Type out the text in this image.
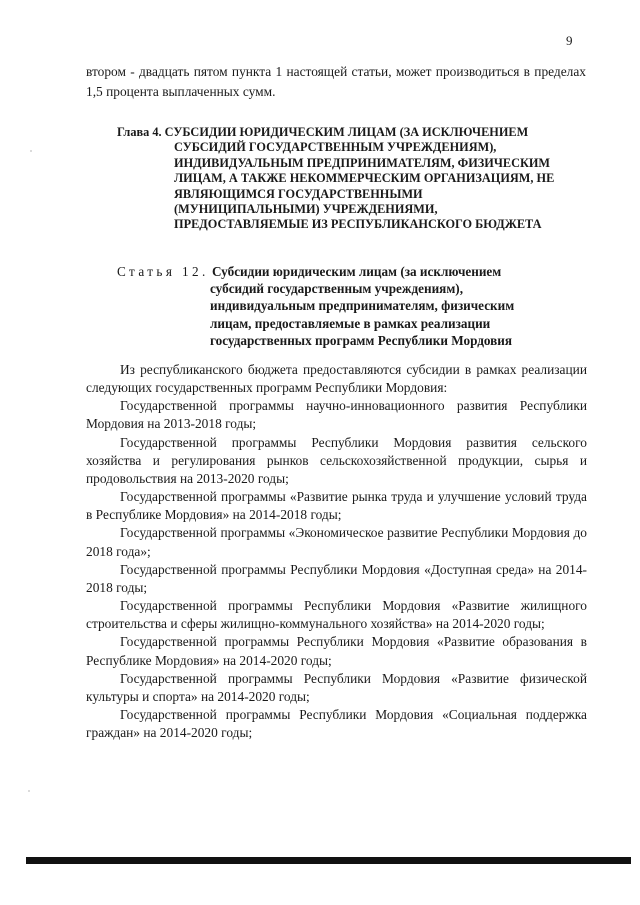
9
втором - двадцать пятом пункта 1 настоящей статьи, может производиться в пределах 1,5 процента выплаченных сумм.
Глава 4. СУБСИДИИ ЮРИДИЧЕСКИМ ЛИЦАМ (ЗА ИСКЛЮЧЕНИЕМ
СУБСИДИЙ ГОСУДАРСТВЕННЫМ УЧРЕЖДЕНИЯМ),
ИНДИВИДУАЛЬНЫМ ПРЕДПРИНИМАТЕЛЯМ, ФИЗИЧЕСКИМ
ЛИЦАМ, А ТАКЖЕ НЕКОММЕРЧЕСКИМ ОРГАНИЗАЦИЯМ, НЕ
ЯВЛЯЮЩИМСЯ ГОСУДАРСТВЕННЫМИ
(МУНИЦИПАЛЬНЫМИ) УЧРЕЖДЕНИЯМИ,
ПРЕДОСТАВЛЯЕМЫЕ ИЗ РЕСПУБЛИКАНСКОГО БЮДЖЕТА
Статья 12. Субсидии юридическим лицам (за исключением
субсидий государственным учреждениям),
индивидуальным предпринимателям, физическим
лицам, предоставляемые в рамках реализации
государственных программ Республики Мордовия

Из республиканского бюджета предоставляются субсидии в рамках реализации следующих государственных программ Республики Мордовия:

Государственной программы научно-инновационного развития Республики Мордовия на 2013-2018 годы;

Государственной программы Республики Мордовия развития сельского хозяйства и регулирования рынков сельскохозяйственной продукции, сырья и продовольствия на 2013-2020 годы;

Государственной программы «Развитие рынка труда и улучшение условий труда в Республике Мордовия» на 2014-2018 годы;

Государственной программы «Экономическое развитие Республики Мордовия до 2018 года»;

Государственной программы Республики Мордовия «Доступная среда» на 2014-2018 годы;

Государственной программы Республики Мордовия «Развитие жилищного строительства и сферы жилищно-коммунального хозяйства» на 2014-2020 годы;

Государственной программы Республики Мордовия «Развитие образования в Республике Мордовия» на 2014-2020 годы;

Государственной программы Республики Мордовия «Развитие физической культуры и спорта» на 2014-2020 годы;

Государственной программы Республики Мордовия «Социальная поддержка граждан» на 2014-2020 годы;
